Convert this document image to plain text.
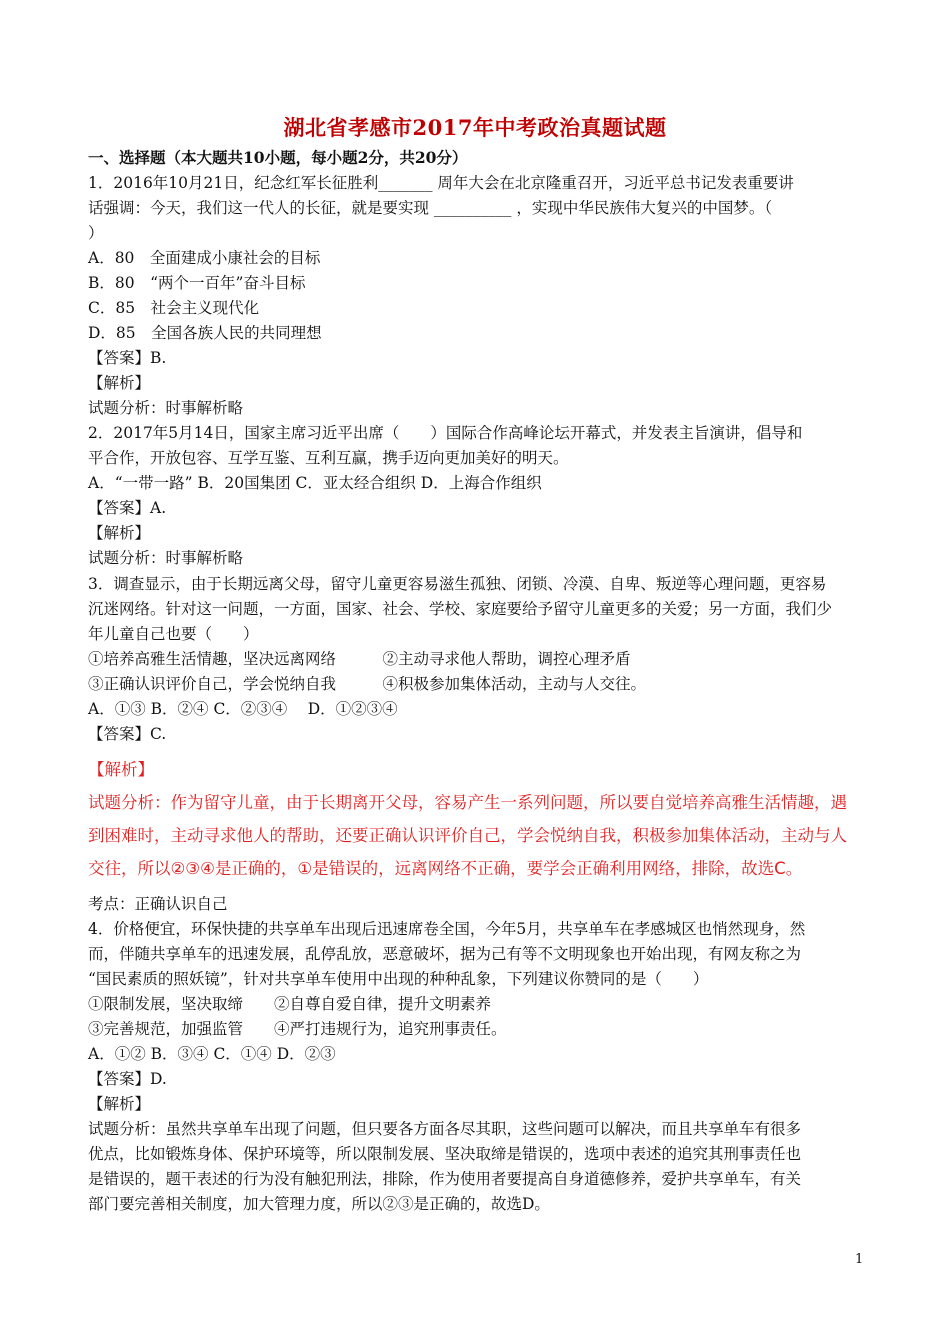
湖北省孝感市2017年中考政治真题试题
一、选择题（本大题共10小题，每小题2分，共20分）
1．2016年10月21日，纪念红军长征胜利_______ 周年大会在北京隆重召开，习近平总书记发表重要讲
话强调：今天，我们这一代人的长征，就是要实现 __________ ，实现中华民族伟大复兴的中国梦。（
）
A．80　全面建成小康社会的目标
B．80　“两个一百年”奋斗目标
C．85　社会主义现代化
D．85　全国各族人民的共同理想
【答案】B.
【解析】
试题分析：时事解析略
2．2017年5月14日，国家主席习近平出席（　　）国际合作高峰论坛开幕式，并发表主旨演讲，倡导和
平合作，开放包容、互学互鉴、互利互赢，携手迈向更加美好的明天。
A．“一带一路” B．20国集团 C．亚太经合组织 D．上海合作组织
【答案】A.
【解析】
试题分析：时事解析略
3．调查显示，由于长期远离父母，留守儿童更容易滋生孤独、闭锁、冷漠、自卑、叛逆等心理问题，更容易
沉迷网络。针对这一问题，一方面，国家、社会、学校、家庭要给予留守儿童更多的关爱；另一方面，我们少
年儿童自己也要（　　）
①培养高雅生活情趣，坚决远离网络　　　②主动寻求他人帮助，调控心理矛盾
③正确认识评价自己，学会悦纳自我　　　④积极参加集体活动，主动与人交往。
A．①③ B．②④ C．②③④　 D．①②③④
【答案】C.
【解析】
试题分析：作为留守儿童，由于长期离开父母，容易产生一系列问题，所以要自觉培养高雅生活情趣，遇
到困难时，主动寻求他人的帮助，还要正确认识评价自己，学会悦纳自我，积极参加集体活动，主动与人
交往，所以②③④是正确的，①是错误的，远离网络不正确，要学会正确利用网络，排除，故选C。
考点：正确认识自己
4．价格便宜，环保快捷的共享单车出现后迅速席卷全国，今年5月，共享单车在孝感城区也悄然现身，然
而，伴随共享单车的迅速发展，乱停乱放，恶意破坏，据为己有等不文明现象也开始出现，有网友称之为
“国民素质的照妖镜”，针对共享单车使用中出现的种种乱象，下列建议你赞同的是（　　）
①限制发展，坚决取缔　　②自尊自爱自律，提升文明素养
③完善规范，加强监管　　④严打违规行为，追究刑事责任。
A．①② B．③④ C．①④ D．②③
【答案】D.
【解析】
试题分析：虽然共享单车出现了问题，但只要各方面各尽其职，这些问题可以解决，而且共享单车有很多
优点，比如锻炼身体、保护环境等，所以限制发展、坚决取缔是错误的，选项中表述的追究其刑事责任也
是错误的，题干表述的行为没有触犯刑法，排除，作为使用者要提高自身道德修养，爱护共享单车，有关
部门要完善相关制度，加大管理力度，所以②③是正确的，故选D。
1
